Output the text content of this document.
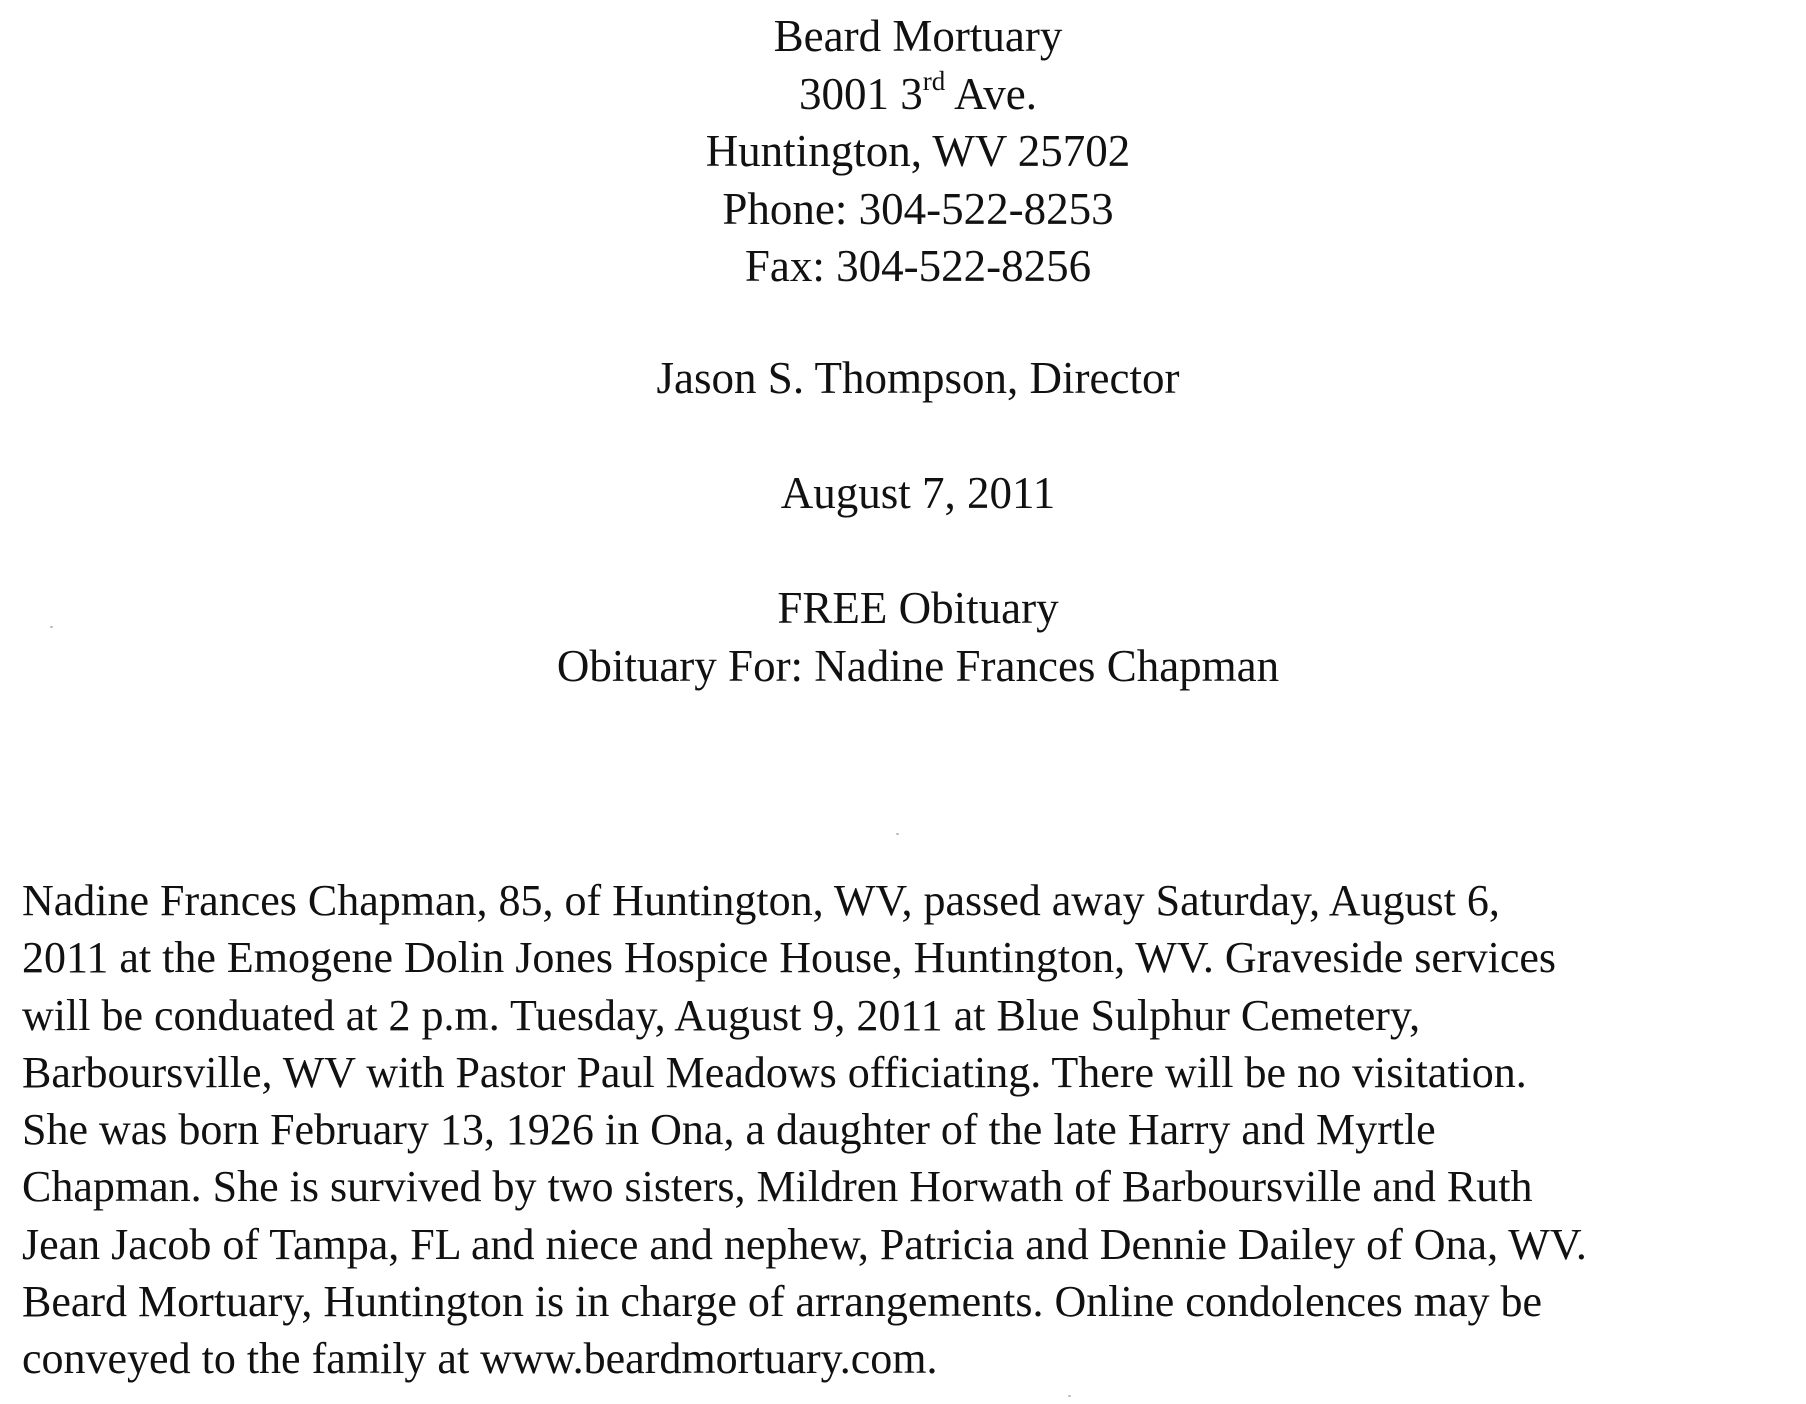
Beard Mortuary
3001 3rd Ave.
Huntington, WV 25702
Phone: 304-522-8253
Fax: 304-522-8256
Jason S. Thompson, Director
August 7, 2011
FREE Obituary
Obituary For: Nadine Frances Chapman
Nadine Frances Chapman, 85, of Huntington, WV, passed away Saturday, August 6,
2011 at the Emogene Dolin Jones Hospice House, Huntington, WV. Graveside services
will be conduated at 2 p.m. Tuesday, August 9, 2011 at Blue Sulphur Cemetery,
Barboursville, WV with Pastor Paul Meadows officiating. There will be no visitation.
She was born February 13, 1926 in Ona, a daughter of the late Harry and Myrtle
Chapman. She is survived by two sisters, Mildren Horwath of Barboursville and Ruth
Jean Jacob of Tampa, FL and niece and nephew, Patricia and Dennie Dailey of Ona, WV.
Beard Mortuary, Huntington is in charge of arrangements. Online condolences may be
conveyed to the family at www.beardmortuary.com.
